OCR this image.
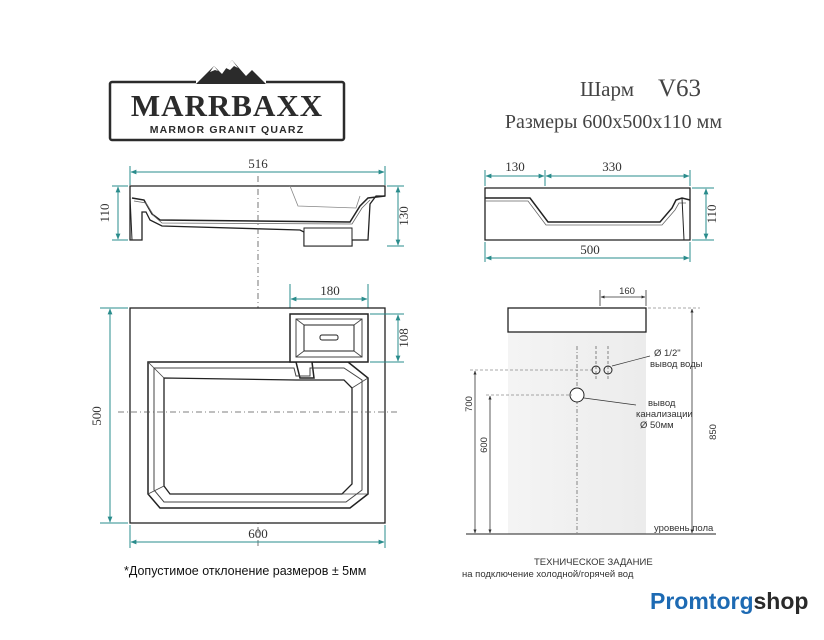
MARRBAXX
MARMOR GRANIT QUARZ
Шарм V63
Размеры 600х500х110 мм
516
110	130
130	330
110
500
180
108
500
600
160
Ø 1/2"
вывод воды
вывод
канализации
Ø 50мм
700
600
850
уровень пола
ТЕХНИЧЕСКОЕ ЗАДАНИЕ
на подключение холодной/горячей вод
*Допустимое отклонение размеров ± 5мм
Promtorgshop
